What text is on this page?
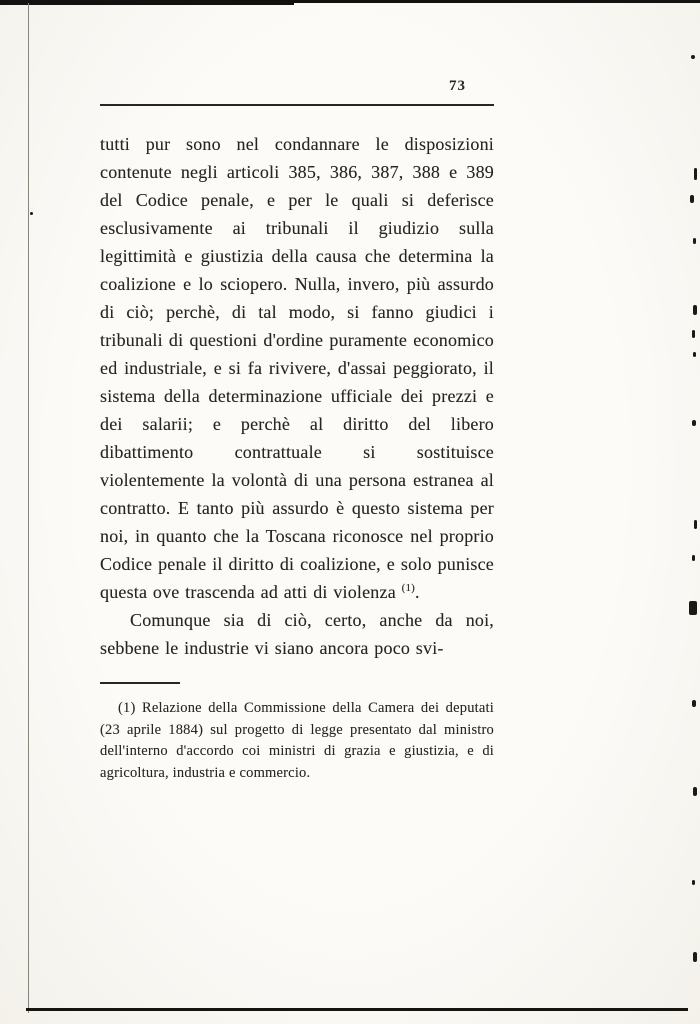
73

tutti pur sono nel condannare le disposizioni contenute negli articoli 385, 386, 387, 388 e 389 del Codice penale, e per le quali si deferisce esclusivamente ai tribunali il giudizio sulla legittimità e giustizia della causa che determina la coalizione e lo sciopero. Nulla, invero, più assurdo di ciò; perchè, di tal modo, si fanno giudici i tribunali di questioni d'ordine puramente economico ed industriale, e si fa rivivere, d'assai peggiorato, il sistema della determinazione ufficiale dei prezzi e dei salarii; e perchè al diritto del libero dibattimento contrattuale si sostituisce violentemente la volontà di una persona estranea al contratto. E tanto più assurdo è questo sistema per noi, in quanto che la Toscana riconosce nel proprio Codice penale il diritto di coalizione, e solo punisce questa ove trascenda ad atti di violenza $^{(1)}$.

Comunque sia di ciò, certo, anche da noi, sebbene le industrie vi siano ancora poco svi-

(1) Relazione della Commissione della Camera dei deputati (23 aprile 1884) sul progetto di legge presentato dal ministro dell'interno d'accordo coi ministri di grazia e giustizia, e di agricoltura, industria e commercio.
